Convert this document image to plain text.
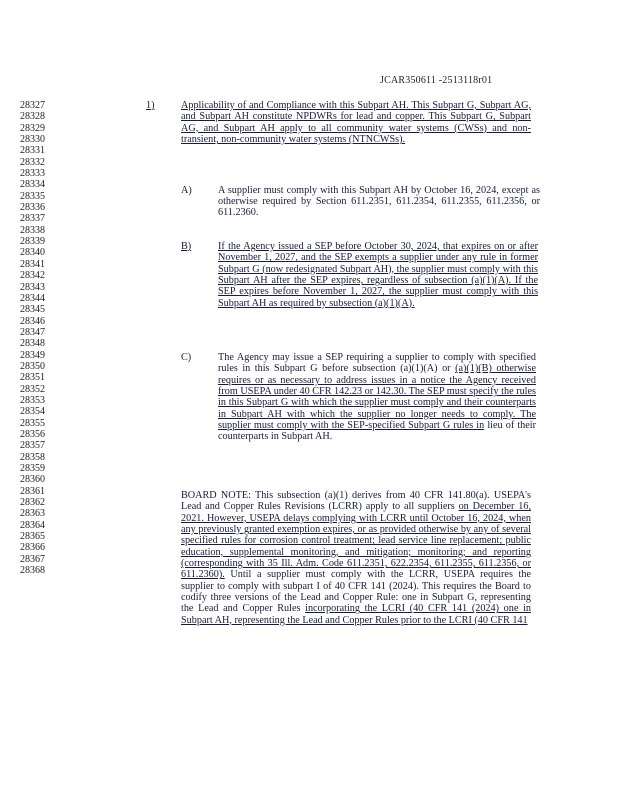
JCAR350611 -2513118r01
28327
28328
28329
28330
28331
28332
28333
28334
28335
28336
28337
28338
28339
28340
28341
28342
28343
28344
28345
28346
28347
28348
28349
28350
28351
28352
28353
28354
28355
28356
28357
28358
28359
28360
28361
28362
28363
28364
28365
28366
28367
28368
1)	Applicability of and Compliance with this Subpart AH. This Subpart G, Subpart AG, and Subpart AH constitute NPDWRs for lead and copper. This Subpart G, Subpart AG, and Subpart AH apply to all community water systems (CWSs) and non-transient, non-community water systems (NTNCWSs).
A)	A supplier must comply with this Subpart AH by October 16, 2024, except as otherwise required by Section 611.2351, 611.2354, 611.2355, 611.2356, or 611.2360.
B)	If the Agency issued a SEP before October 30, 2024, that expires on or after November 1, 2027, and the SEP exempts a supplier under any rule in former Subpart G (now redesignated Subpart AH), the supplier must comply with this Subpart AH after the SEP expires, regardless of subsection (a)(1)(A). If the SEP expires before November 1, 2027, the supplier must comply with this Subpart AH as required by subsection (a)(1)(A).
C)	The Agency may issue a SEP requiring a supplier to comply with specified rules in this Subpart G before subsection (a)(1)(A) or (a)(1)(B) otherwise requires or as necessary to address issues in a notice the Agency received from USEPA under 40 CFR 142.23 or 142.30. The SEP must specify the rules in this Subpart G with which the supplier must comply and their counterparts in Subpart AH with which the supplier no longer needs to comply. The supplier must comply with the SEP-specified Subpart G rules in lieu of their counterparts in Subpart AH.
BOARD NOTE: This subsection (a)(1) derives from 40 CFR 141.80(a). USEPA's Lead and Copper Rules Revisions (LCRR) apply to all suppliers on December 16, 2021. However, USEPA delays complying with LCRR until October 16, 2024, when any previously granted exemption expires, or as provided otherwise by any of several specified rules for corrosion control treatment; lead service line replacement; public education, supplemental monitoring, and mitigation; monitoring; and reporting (corresponding with 35 Ill. Adm. Code 611.2351, 622.2354, 611.2355, 611.2356, or 611.2360). Until a supplier must comply with the LCRR, USEPA requires the supplier to comply with subpart I of 40 CFR 141 (2024). This requires the Board to codify three versions of the Lead and Copper Rule: one in Subpart G, representing the Lead and Copper Rules incorporating the LCRI (40 CFR 141 (2024) one in Subpart AH, representing the Lead and Copper Rules prior to the LCRI (40 CFR 141
